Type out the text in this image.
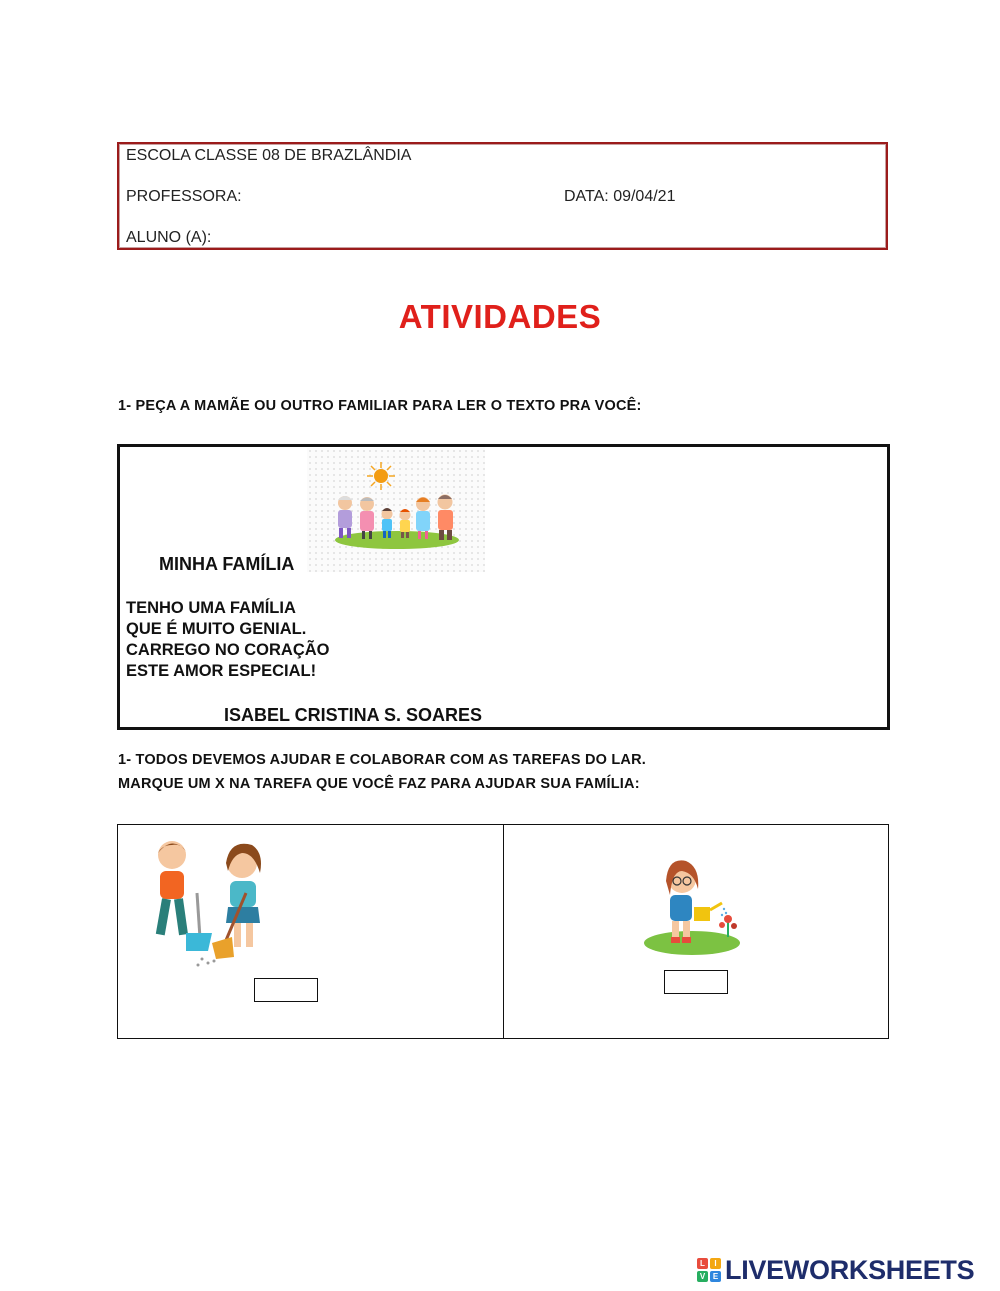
ESCOLA CLASSE 08 DE BRAZLÂNDIA
PROFESSORA:	DATA: 09/04/21
ALUNO (A):
ATIVIDADES
1- PEÇA A MAMÃE OU OUTRO FAMILIAR PARA LER O TEXTO PRA VOCÊ:
MINHA FAMÍLIA
TENHO UMA FAMÍLIA
QUE É MUITO GENIAL.
CARREGO NO CORAÇÃO
ESTE AMOR ESPECIAL!
ISABEL CRISTINA S. SOARES
1- TODOS DEVEMOS AJUDAR E COLABORAR COM AS TAREFAS DO LAR.
MARQUE UM X NA TAREFA QUE VOCÊ FAZ PARA AJUDAR SUA FAMÍLIA:
L	I
V E LIVEWORKSHEETS
